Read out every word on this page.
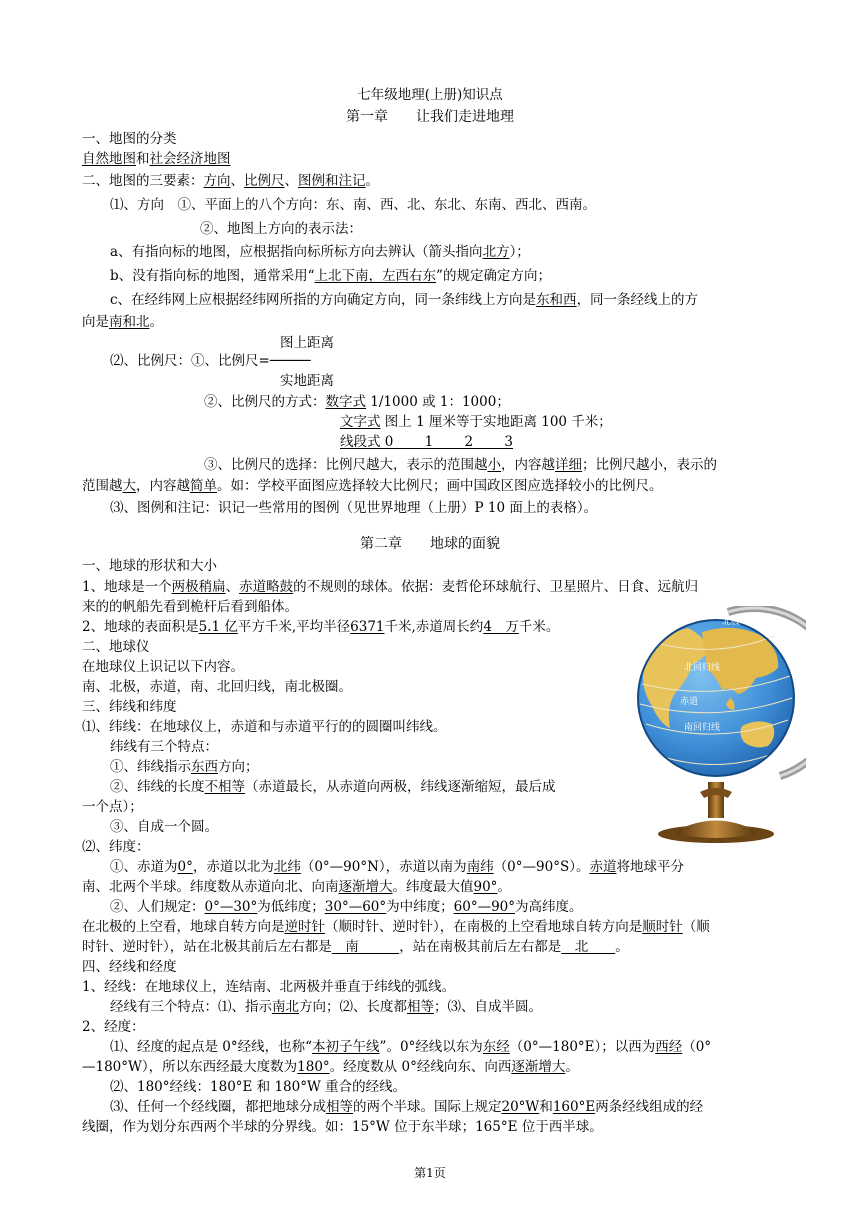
七年级地理(上册)知识点
第一章　　让我们走进地理
一、地图的分类
自然地图和社会经济地图
二、地图的三要素：方向、比例尺、图例和注记。
⑴、方向　①、平面上的八个方向：东、南、西、北、东北、东南、西北、西南。
②、地图上方向的表示法：
a、有指向标的地图，应根据指向标所标方向去辨认（箭头指向北方）；
b、没有指向标的地图，通常采用“上北下南，左西右东”的规定确定方向；
c、在经纬网上应根据经纬网所指的方向确定方向，同一条纬线上方向是东和西，同一条经线上的方
向是南和北。
图上距离
⑵、比例尺：①、比例尺=─────
实地距离
②、比例尺的方式：数字式 1/1000 或 1：1000；
文字式 图上 1 厘米等于实地距离 100 千米；
线段式 0　　 1　　 2　　 3
③、比例尺的选择：比例尺越大，表示的范围越小，内容越详细；比例尺越小，表示的
范围越大，内容越简单。如：学校平面图应选择较大比例尺；画中国政区图应选择较小的比例尺。
⑶、图例和注记：识记一些常用的图例（见世界地理（上册）P 10 面上的表格）。
第二章　　地球的面貌
一、地球的形状和大小
1、地球是一个两极稍扁、赤道略鼓的不规则的球体。依据：麦哲伦环球航行、卫星照片、日食、远航归
来的的帆船先看到桅杆后看到船体。
2、地球的表面积是5.1 亿平方千米,平均半径6371千米,赤道周长约4　万千米。
二、地球仪
在地球仪上识记以下内容。
南、北极，赤道，南、北回归线，南北极圈。
三、纬线和纬度
⑴、纬线：在地球仪上，赤道和与赤道平行的的圆圈叫纬线。
纬线有三个特点：
①、纬线指示东西方向；
②、纬线的长度不相等（赤道最长，从赤道向两极，纬线逐渐缩短，最后成
一个点）；
③、自成一个圆。
⑵、纬度：
①、赤道为0°，赤道以北为北纬（0°—90°N），赤道以南为南纬（0°—90°S）。赤道将地球平分
南、北两个半球。纬度数从赤道向北、向南逐渐增大。纬度最大值90°。
②、人们规定：0°—30°为低纬度；30°—60°为中纬度；60°—90°为高纬度。
在北极的上空看，地球自转方向是逆时针（顺时针、逆时针），在南极的上空看地球自转方向是顺时针（顺
时针、逆时针），站在北极其前后左右都是　南　　　，站在南极其前后左右都是　北　　。
四、经线和经度
1、经线：在地球仪上，连结南、北两极并垂直于纬线的弧线。
经线有三个特点：⑴、指示南北方向；⑵、长度都相等；⑶、自成半圆。
2、经度：
⑴、经度的起点是 0°经线，也称“本初子午线”。0°经线以东为东经（0°—180°E）；以西为西经（0°
—180°W），所以东西经最大度数为180°。经度数从 0°经线向东、向西逐渐增大。
⑵、180°经线：180°E 和 180°W 重合的经线。
⑶、任何一个经线圈，都把地球分成相等的两个半球。国际上规定20°W和160°E两条经线组成的经
线圈，作为划分东西两个半球的分界线。如：15°W 位于东半球；165°E 位于西半球。
北极
北回归线
赤道
南回归线
南极圈
第1页
